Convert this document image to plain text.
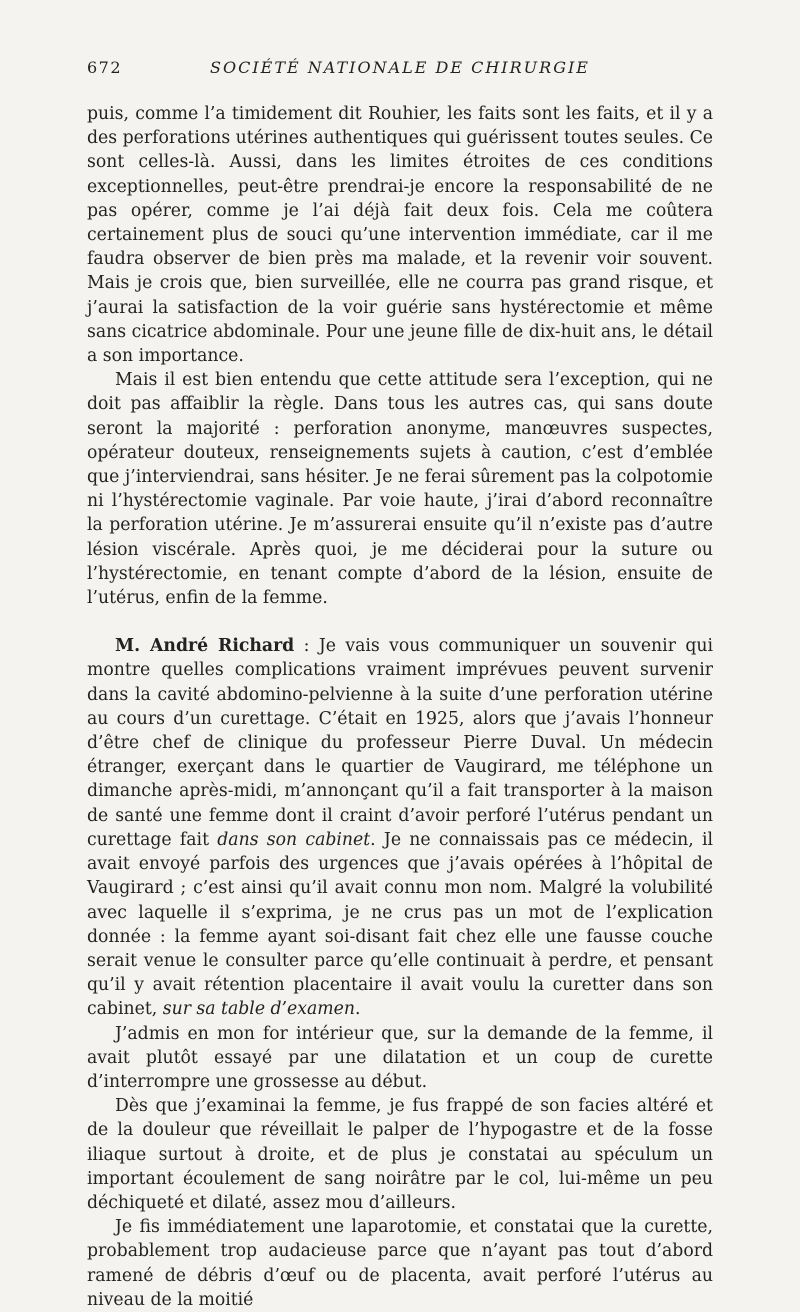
672	SOCIÉTÉ NATIONALE DE CHIRURGIE

puis, comme l’a timidement dit Rouhier, les faits sont les faits, et il y a des perforations utérines authentiques qui guérissent toutes seules. Ce sont celles-là. Aussi, dans les limites étroites de ces conditions exceptionnelles, peut-être prendrai-je encore la responsabilité de ne pas opérer, comme je l’ai déjà fait deux fois. Cela me coûtera certainement plus de souci qu’une intervention immédiate, car il me faudra observer de bien près ma malade, et la revenir voir souvent. Mais je crois que, bien surveillée, elle ne courra pas grand risque, et j’aurai la satisfaction de la voir guérie sans hystérectomie et même sans cicatrice abdominale. Pour une jeune fille de dix-huit ans, le détail a son importance.

Mais il est bien entendu que cette attitude sera l’exception, qui ne doit pas affaiblir la règle. Dans tous les autres cas, qui sans doute seront la majorité : perforation anonyme, manœuvres suspectes, opérateur douteux, renseignements sujets à caution, c’est d’emblée que j’interviendrai, sans hésiter. Je ne ferai sûrement pas la colpotomie ni l’hystérectomie vaginale. Par voie haute, j’irai d’abord reconnaître la perforation utérine. Je m’assurerai ensuite qu’il n’existe pas d’autre lésion viscérale. Après quoi, je me déciderai pour la suture ou l’hystérectomie, en tenant compte d’abord de la lésion, ensuite de l’utérus, enfin de la femme.

M. André Richard : Je vais vous communiquer un souvenir qui montre quelles complications vraiment imprévues peuvent survenir dans la cavité abdomino-pelvienne à la suite d’une perforation utérine au cours d’un curettage. C’était en 1925, alors que j’avais l’honneur d’être chef de clinique du professeur Pierre Duval. Un médecin étranger, exerçant dans le quartier de Vaugirard, me téléphone un dimanche après-midi, m’annonçant qu’il a fait transporter à la maison de santé une femme dont il craint d’avoir perforé l’utérus pendant un curettage fait dans son cabinet. Je ne connaissais pas ce médecin, il avait envoyé parfois des urgences que j’avais opérées à l’hôpital de Vaugirard ; c’est ainsi qu’il avait connu mon nom. Malgré la volubilité avec laquelle il s’exprima, je ne crus pas un mot de l’explication donnée : la femme ayant soi-disant fait chez elle une fausse couche serait venue le consulter parce qu’elle continuait à perdre, et pensant qu’il y avait rétention placentaire il avait voulu la curetter dans son cabinet, sur sa table d’examen.

J’admis en mon for intérieur que, sur la demande de la femme, il avait plutôt essayé par une dilatation et un coup de curette d’interrompre une grossesse au début.

Dès que j’examinai la femme, je fus frappé de son facies altéré et de la douleur que réveillait le palper de l’hypogastre et de la fosse iliaque surtout à droite, et de plus je constatai au spéculum un important écoulement de sang noirâtre par le col, lui-même un peu déchiqueté et dilaté, assez mou d’ailleurs.

Je fis immédiatement une laparotomie, et constatai que la curette, probablement trop audacieuse parce que n’ayant pas tout d’abord ramené de débris d’œuf ou de placenta, avait perforé l’utérus au niveau de la moitié
